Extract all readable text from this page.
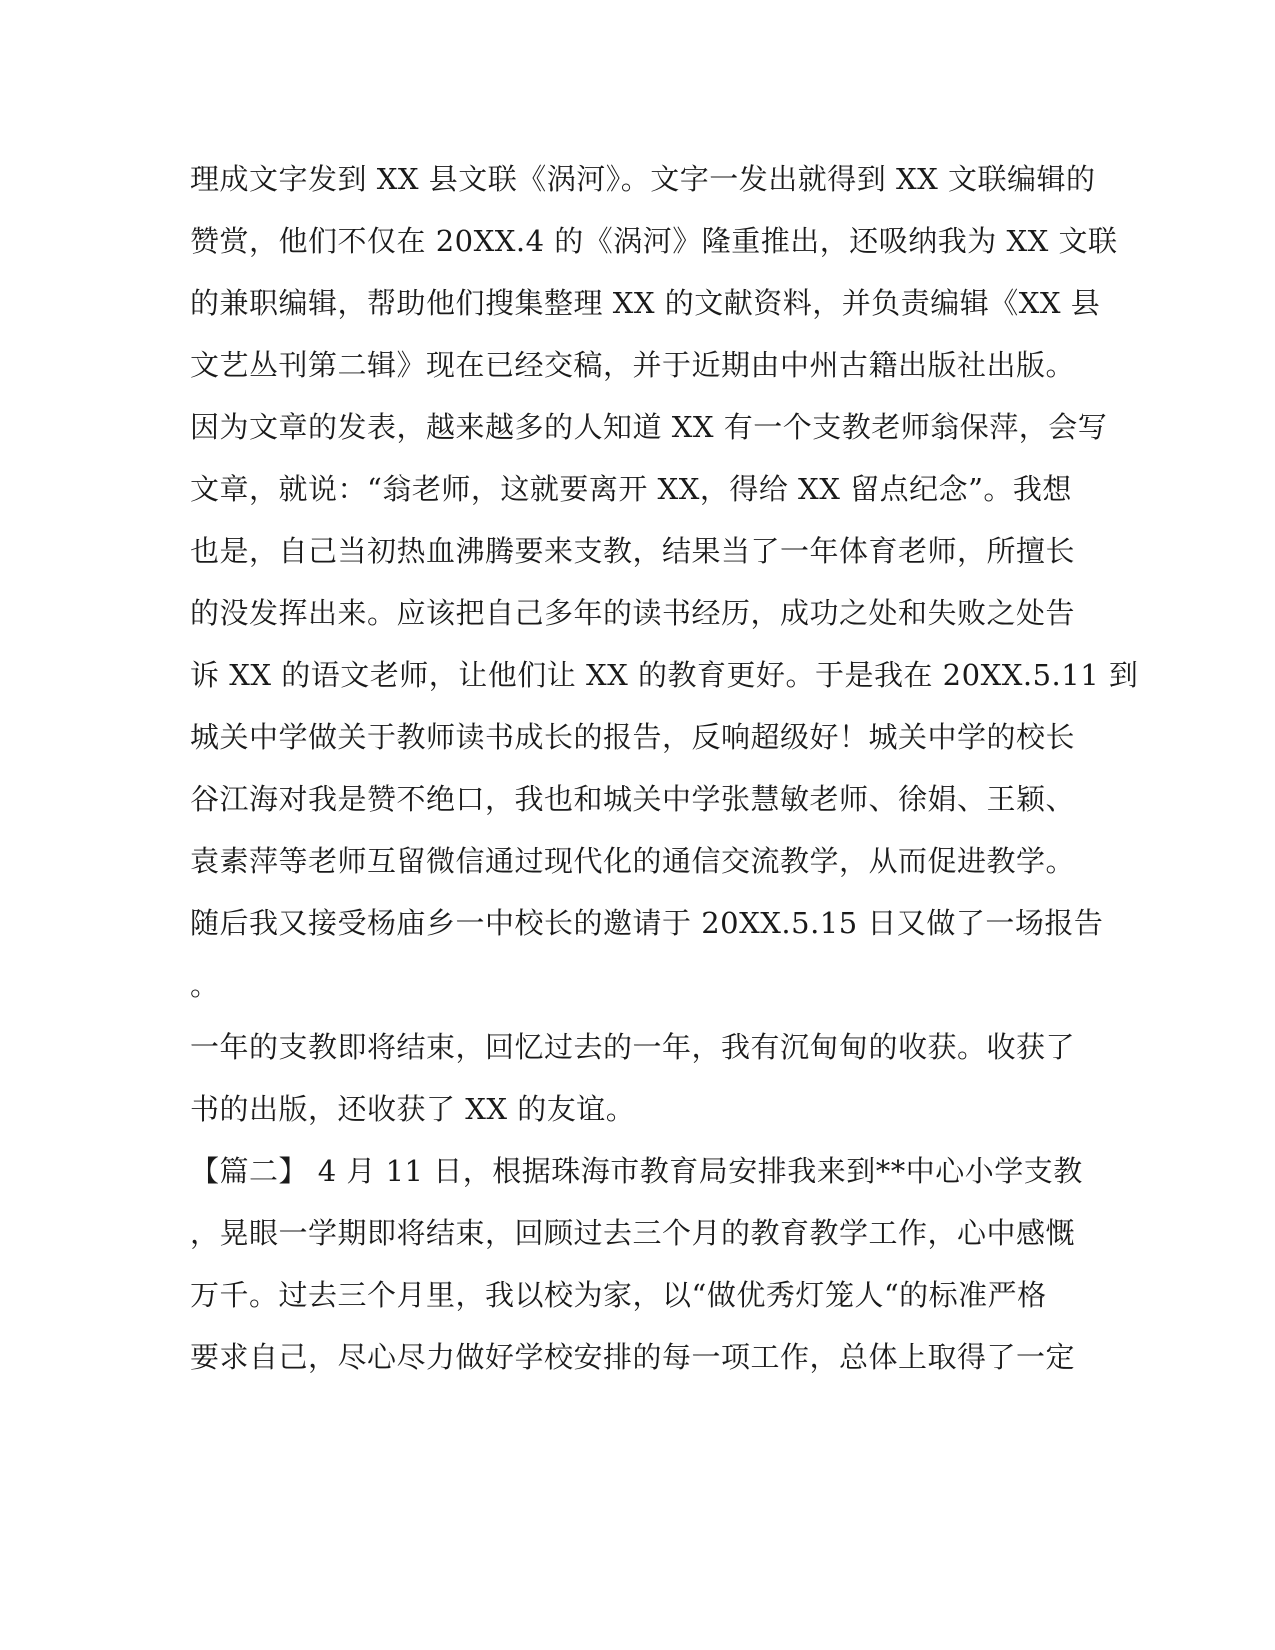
理成文字发到 XX 县文联《涡河》。文字一发出就得到 XX 文联编辑的

赞赏，他们不仅在 20XX.4 的《涡河》隆重推出，还吸纳我为 XX 文联

的兼职编辑，帮助他们搜集整理 XX 的文献资料，并负责编辑《XX 县

文艺丛刊第二辑》现在已经交稿，并于近期由中州古籍出版社出版。

因为文章的发表，越来越多的人知道 XX 有一个支教老师翁保萍，会写

文章，就说：“翁老师，这就要离开 XX，得给 XX 留点纪念”。我想

也是，自己当初热血沸腾要来支教，结果当了一年体育老师，所擅长

的没发挥出来。应该把自己多年的读书经历，成功之处和失败之处告

诉 XX 的语文老师，让他们让 XX 的教育更好。于是我在 20XX.5.11 到

城关中学做关于教师读书成长的报告，反响超级好！城关中学的校长

谷江海对我是赞不绝口，我也和城关中学张慧敏老师、徐娟、王颖、

袁素萍等老师互留微信通过现代化的通信交流教学，从而促进教学。

随后我又接受杨庙乡一中校长的邀请于 20XX.5.15 日又做了一场报告

。

一年的支教即将结束，回忆过去的一年，我有沉甸甸的收获。收获了

书的出版，还收获了 XX 的友谊。

【篇二】 4 月 11 日，根据珠海市教育局安排我来到**中心小学支教

，晃眼一学期即将结束，回顾过去三个月的教育教学工作，心中感慨

万千。过去三个月里，我以校为家，以“做优秀灯笼人“的标准严格

要求自己，尽心尽力做好学校安排的每一项工作，总体上取得了一定
